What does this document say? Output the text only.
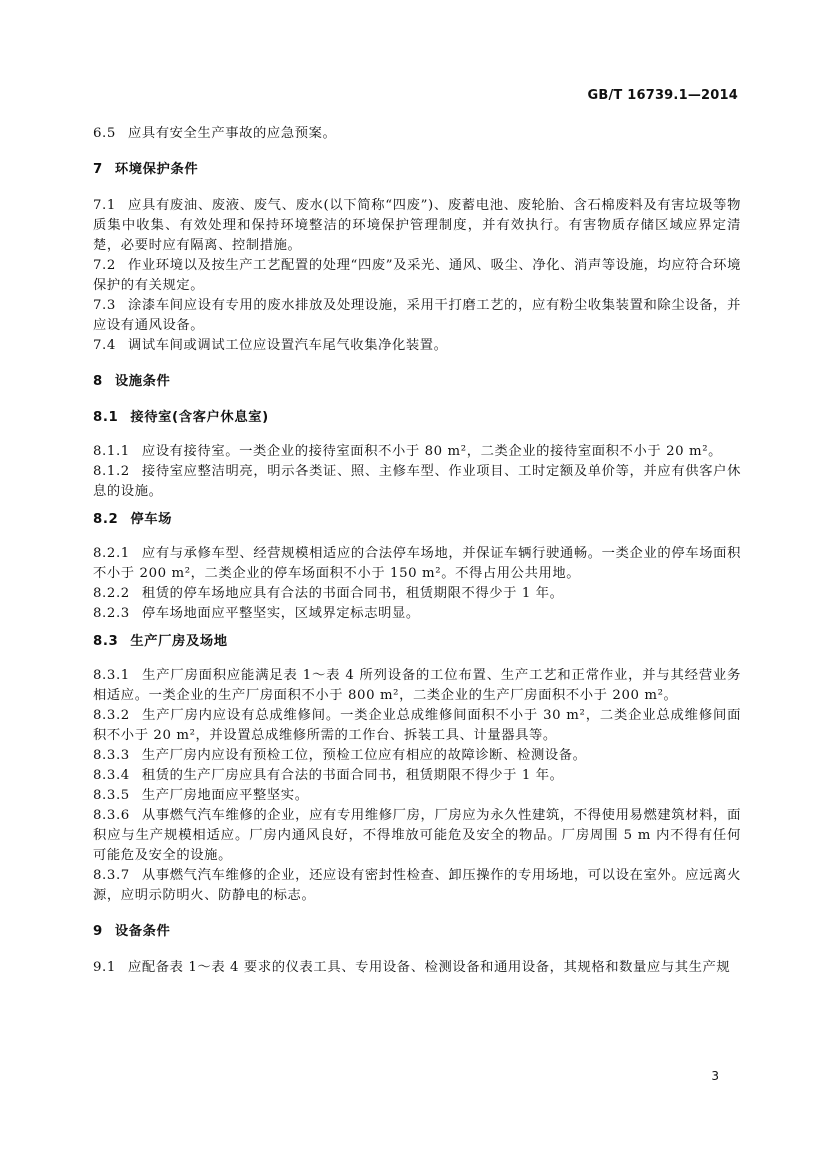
GB/T 16739.1—2014

6.5 应具有安全生产事故的应急预案。

7 环境保护条件

7.1 应具有废油、废液、废气、废水(以下简称“四废”)、废蓄电池、废轮胎、含石棉废料及有害垃圾等物质集中收集、有效处理和保持环境整洁的环境保护管理制度，并有效执行。有害物质存储区域应界定清楚，必要时应有隔离、控制措施。

7.2 作业环境以及按生产工艺配置的处理“四废”及采光、通风、吸尘、净化、消声等设施，均应符合环境保护的有关规定。

7.3 涂漆车间应设有专用的废水排放及处理设施，采用干打磨工艺的，应有粉尘收集装置和除尘设备，并应设有通风设备。

7.4 调试车间或调试工位应设置汽车尾气收集净化装置。

8 设施条件
8.1 接待室(含客户休息室)

8.1.1 应设有接待室。一类企业的接待室面积不小于 80 m²，二类企业的接待室面积不小于 20 m²。

8.1.2 接待室应整洁明亮，明示各类证、照、主修车型、作业项目、工时定额及单价等，并应有供客户休息的设施。

8.2 停车场

8.2.1 应有与承修车型、经营规模相适应的合法停车场地，并保证车辆行驶通畅。一类企业的停车场面积不小于 200 m²，二类企业的停车场面积不小于 150 m²。不得占用公共用地。

8.2.2 租赁的停车场地应具有合法的书面合同书，租赁期限不得少于 1 年。

8.2.3 停车场地面应平整坚实，区域界定标志明显。

8.3 生产厂房及场地

8.3.1 生产厂房面积应能满足表 1～表 4 所列设备的工位布置、生产工艺和正常作业，并与其经营业务相适应。一类企业的生产厂房面积不小于 800 m²，二类企业的生产厂房面积不小于 200 m²。

8.3.2 生产厂房内应设有总成维修间。一类企业总成维修间面积不小于 30 m²，二类企业总成维修间面积不小于 20 m²，并设置总成维修所需的工作台、拆装工具、计量器具等。

8.3.3 生产厂房内应设有预检工位，预检工位应有相应的故障诊断、检测设备。

8.3.4 租赁的生产厂房应具有合法的书面合同书，租赁期限不得少于 1 年。

8.3.5 生产厂房地面应平整坚实。

8.3.6 从事燃气汽车维修的企业，应有专用维修厂房，厂房应为永久性建筑，不得使用易燃建筑材料，面积应与生产规模相适应。厂房内通风良好，不得堆放可能危及安全的物品。厂房周围 5 m 内不得有任何可能危及安全的设施。

8.3.7 从事燃气汽车维修的企业，还应设有密封性检查、卸压操作的专用场地，可以设在室外。应远离火源，应明示防明火、防静电的标志。

9 设备条件

9.1 应配备表 1～表 4 要求的仪表工具、专用设备、检测设备和通用设备，其规格和数量应与其生产规

3
